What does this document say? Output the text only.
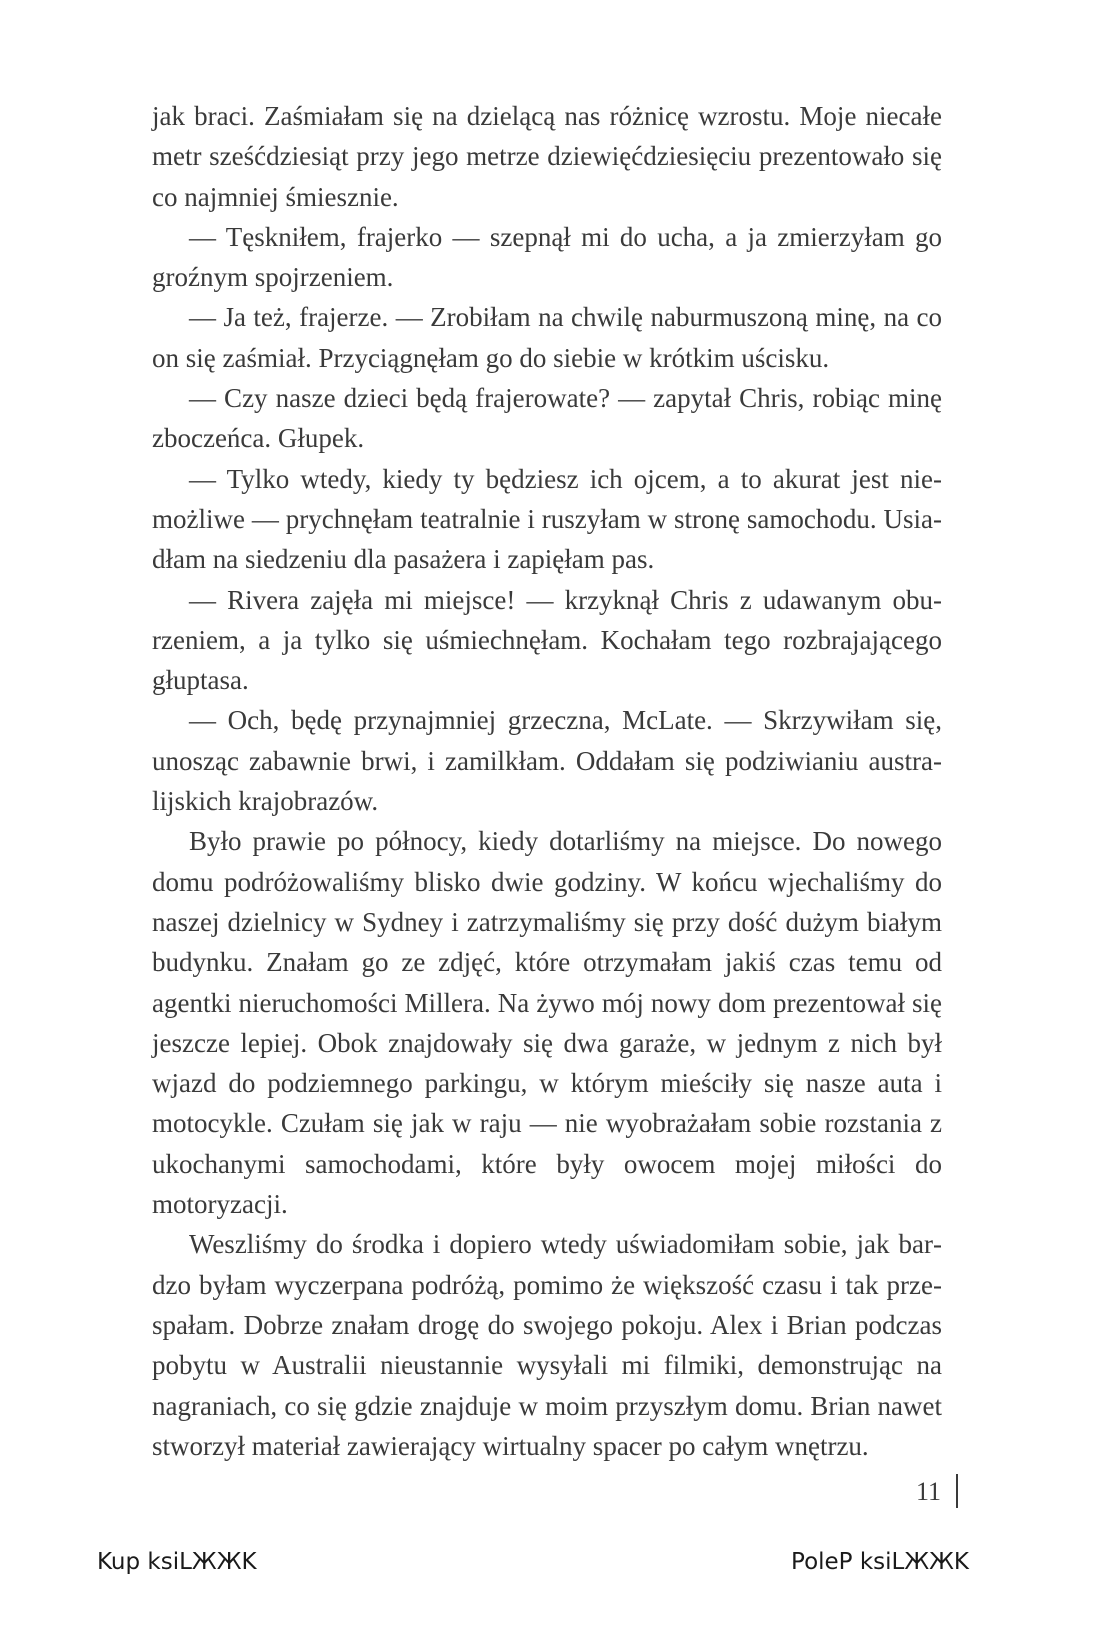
jak braci. Zaśmiałam się na dzielącą nas różnicę wzrostu. Moje niecałe metr sześćdziesiąt przy jego metrze dziewięćdziesięciu prezentowało się co najmniej śmiesznie.

— Tęskniłem, frajerko — szepnął mi do ucha, a ja zmierzyłam go groźnym spojrzeniem.

— Ja też, frajerze. — Zrobiłam na chwilę naburmuszoną minę, na co on się zaśmiał. Przyciągnęłam go do siebie w krótkim uścisku.

— Czy nasze dzieci będą frajerowate? — zapytał Chris, robiąc minę zboczeńca. Głupek.

— Tylko wtedy, kiedy ty będziesz ich ojcem, a to akurat jest niemożliwe — prychnęłam teatralnie i ruszyłam w stronę samochodu. Usiadłam na siedzeniu dla pasażera i zapięłam pas.

— Rivera zajęła mi miejsce! — krzyknął Chris z udawanym oburzeniem, a ja tylko się uśmiechnęłam. Kochałam tego rozbrajającego głuptasa.

— Och, będę przynajmniej grzeczna, McLate. — Skrzywiłam się, unosząc zabawnie brwi, i zamilkłam. Oddałam się podziwianiu australijskich krajobrazów.

Było prawie po północy, kiedy dotarliśmy na miejsce. Do nowego domu podróżowaliśmy blisko dwie godziny. W końcu wjechaliśmy do naszej dzielnicy w Sydney i zatrzymaliśmy się przy dość dużym białym budynku. Znałam go ze zdjęć, które otrzymałam jakiś czas temu od agentki nieruchomości Millera. Na żywo mój nowy dom prezentował się jeszcze lepiej. Obok znajdowały się dwa garaże, w jednym z nich był wjazd do podziemnego parkingu, w którym mieściły się nasze auta i motocykle. Czułam się jak w raju — nie wyobrażałam sobie rozstania z ukochanymi samochodami, które były owocem mojej miłości do motoryzacji.

Weszliśmy do środka i dopiero wtedy uświadomiłam sobie, jak bardzo byłam wyczerpana podróżą, pomimo że większość czasu i tak przespałam. Dobrze znałam drogę do swojego pokoju. Alex i Brian podczas pobytu w Australii nieustannie wysyłali mi filmiki, demonstrując na nagraniach, co się gdzie znajduje w moim przyszłym domu. Brian nawet stworzył materiał zawierający wirtualny spacer po całym wnętrzu.

11
Kup ksiLЖЖK	PoleP ksiLЖЖK
